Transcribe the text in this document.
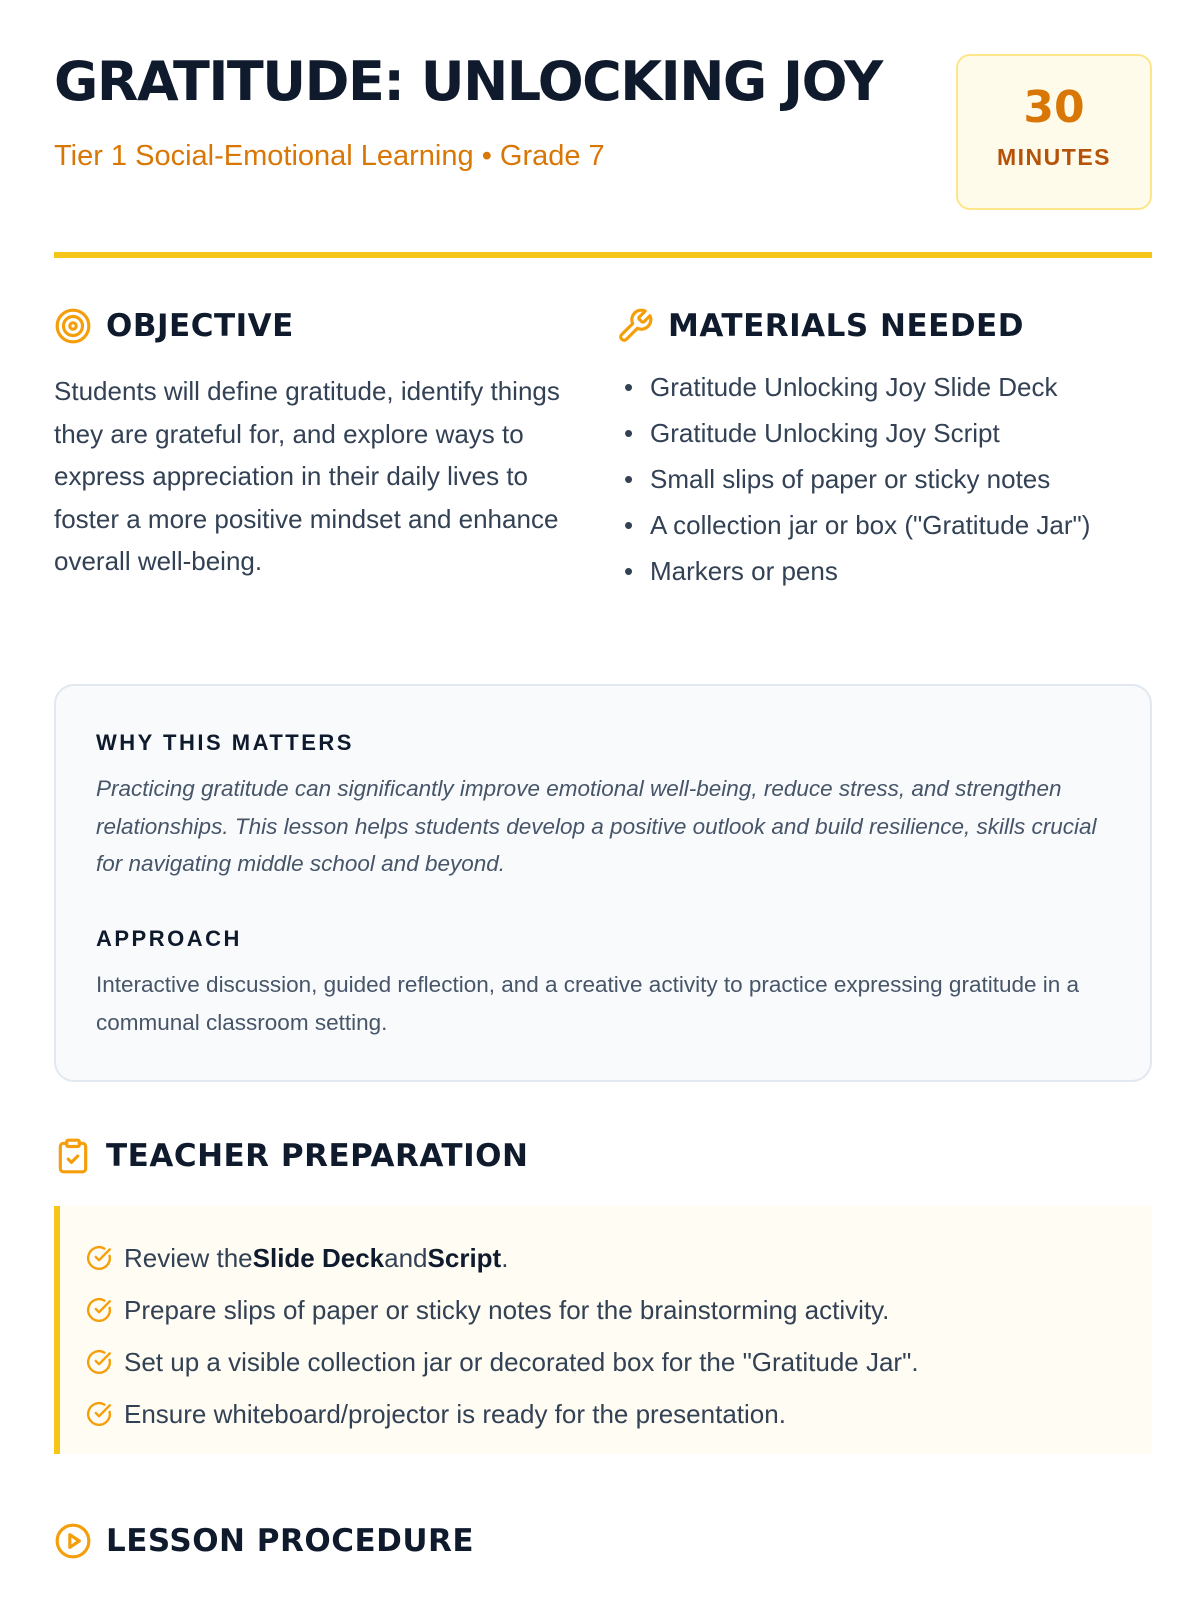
GRATITUDE: UNLOCKING JOY
Tier 1 Social-Emotional Learning • Grade 7
30
MINUTES
OBJECTIVE

Students will define gratitude, identify things they are grateful for, and explore ways to express appreciation in their daily lives to foster a more positive mindset and enhance overall well-being.

MATERIALS NEEDED
• Gratitude Unlocking Joy Slide Deck
• Gratitude Unlocking Joy Script
• Small slips of paper or sticky notes
• A collection jar or box ("Gratitude Jar")
• Markers or pens
WHY THIS MATTERS

Practicing gratitude can significantly improve emotional well-being, reduce stress, and strengthen relationships. This lesson helps students develop a positive outlook and build resilience, skills crucial for navigating middle school and beyond.

APPROACH

Interactive discussion, guided reflection, and a creative activity to practice expressing gratitude in a communal classroom setting.

TEACHER PREPARATION
Review theSlide DeckandScript.
Prepare slips of paper or sticky notes for the brainstorming activity.
Set up a visible collection jar or decorated box for the "Gratitude Jar".
Ensure whiteboard/projector is ready for the presentation.
LESSON PROCEDURE
